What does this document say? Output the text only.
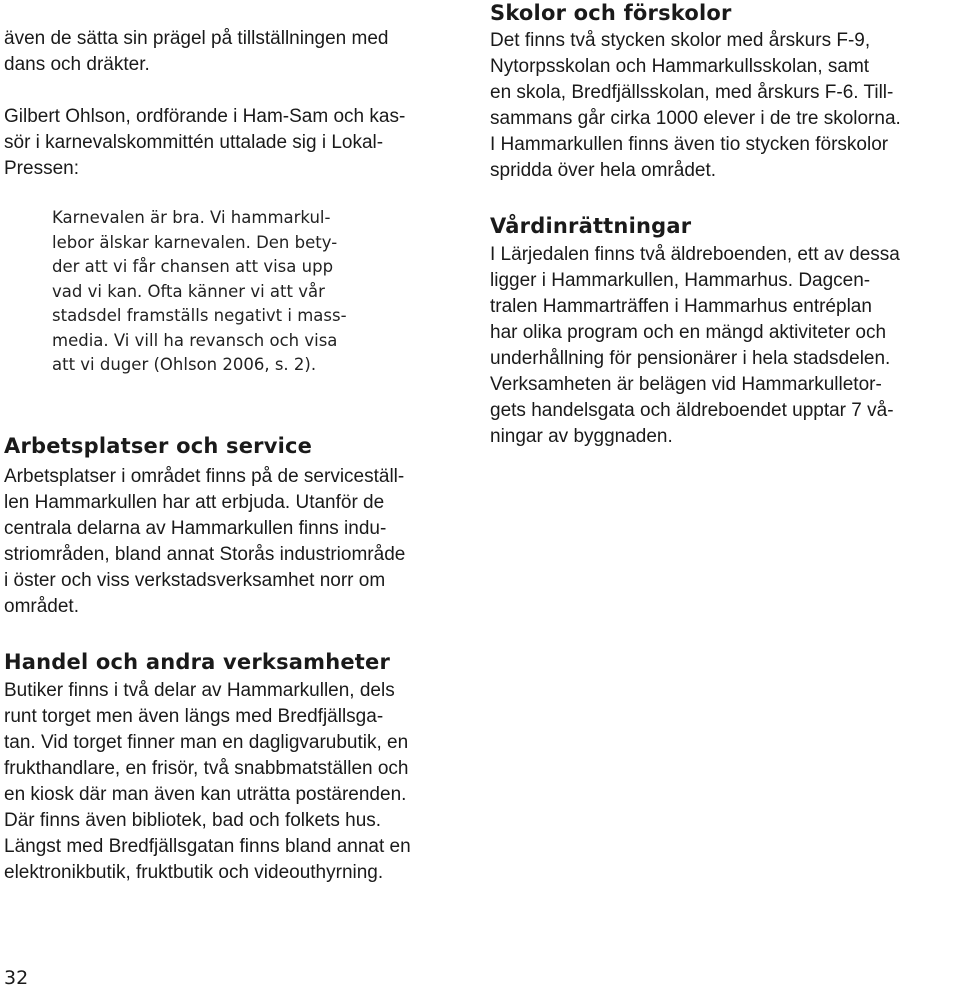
även de sätta sin prägel på tillställningen med
dans och dräkter.

Gilbert Ohlson, ordförande i Ham-Sam och kas-
sör i karnevalskommittén uttalade sig i Lokal-
Pressen:

Karnevalen är bra. Vi hammarkul-
lebor älskar karnevalen. Den bety-
der att vi får chansen att visa upp
vad vi kan. Ofta känner vi att vår
stadsdel framställs negativt i mass-
media. Vi vill ha revansch och visa
att vi duger (Ohlson 2006, s. 2).
Arbetsplatser och service

Arbetsplatser i området finns på de serviceställ-
len Hammarkullen har att erbjuda. Utanför de
centrala delarna av Hammarkullen finns indu-
striområden, bland annat Storås industriområde
i öster och viss verkstadsverksamhet norr om
området.

Handel och andra verksamheter

Butiker finns i två delar av Hammarkullen, dels
runt torget men även längs med Bredfjällsga-
tan. Vid torget finner man en dagligvarubutik, en
frukthandlare, en frisör, två snabbmatställen och
en kiosk där man även kan uträtta postärenden.
Där finns även bibliotek, bad och folkets hus.
Längst med Bredfjällsgatan finns bland annat en
elektronikbutik, fruktbutik och videouthyrning.

Skolor och förskolor

Det finns två stycken skolor med årskurs F-9,
Nytorpsskolan och Hammarkullsskolan, samt
en skola, Bredfjällsskolan, med årskurs F-6. Till-
sammans går cirka 1000 elever i de tre skolorna.
I Hammarkullen finns även tio stycken förskolor
spridda över hela området.

Vårdinrättningar

I Lärjedalen finns två äldreboenden, ett av dessa
ligger i Hammarkullen, Hammarhus. Dagcen-
tralen Hammarträffen i Hammarhus entréplan
har olika program och en mängd aktiviteter och
underhållning för pensionärer i hela stadsdelen.
Verksamheten är belägen vid Hammarkulletor-
gets handelsgata och äldreboendet upptar 7 vå-
ningar av byggnaden.

32
